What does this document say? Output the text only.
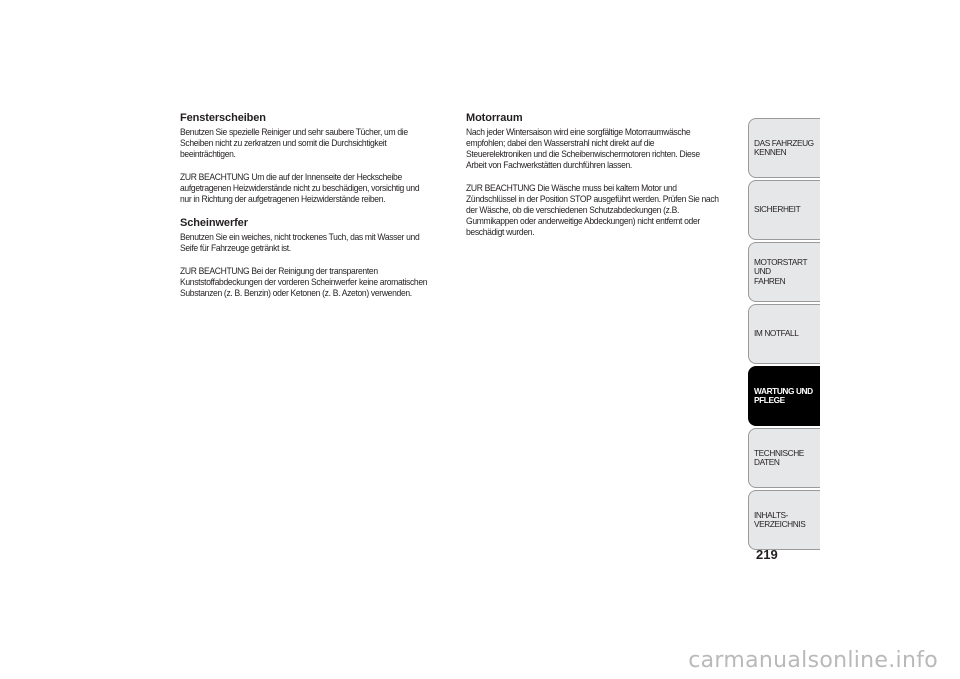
Fensterscheiben

Benutzen Sie spezielle Reiniger und sehr saubere Tücher, um die
Scheiben nicht zu zerkratzen und somit die Durchsichtigkeit
beeinträchtigen.

ZUR BEACHTUNG Um die auf der Innenseite der Heckscheibe
aufgetragenen Heizwiderstände nicht zu beschädigen, vorsichtig und
nur in Richtung der aufgetragenen Heizwiderstände reiben.

Scheinwerfer

Benutzen Sie ein weiches, nicht trockenes Tuch, das mit Wasser und
Seife für Fahrzeuge getränkt ist.

ZUR BEACHTUNG Bei der Reinigung der transparenten
Kunststoffabdeckungen der vorderen Scheinwerfer keine aromatischen
Substanzen (z. B. Benzin) oder Ketonen (z. B. Azeton) verwenden.

Motorraum

Nach jeder Wintersaison wird eine sorgfältige Motorraumwäsche
empfohlen; dabei den Wasserstrahl nicht direkt auf die
Steuerelektroniken und die Scheibenwischermotoren richten. Diese
Arbeit von Fachwerkstätten durchführen lassen.

ZUR BEACHTUNG Die Wäsche muss bei kaltem Motor und
Zündschlüssel in der Position STOP ausgeführt werden. Prüfen Sie nach
der Wäsche, ob die verschiedenen Schutzabdeckungen (z.B.
Gummikappen oder anderweitige Abdeckungen) nicht entfernt oder
beschädigt wurden.

DAS FAHRZEUG
KENNEN
SICHERHEIT
MOTORSTART UND
FAHREN
IM NOTFALL
WARTUNG UND
PFLEGE
TECHNISCHE DATEN
INHALTS-
VERZEICHNIS
219
carmanualsonline.info
